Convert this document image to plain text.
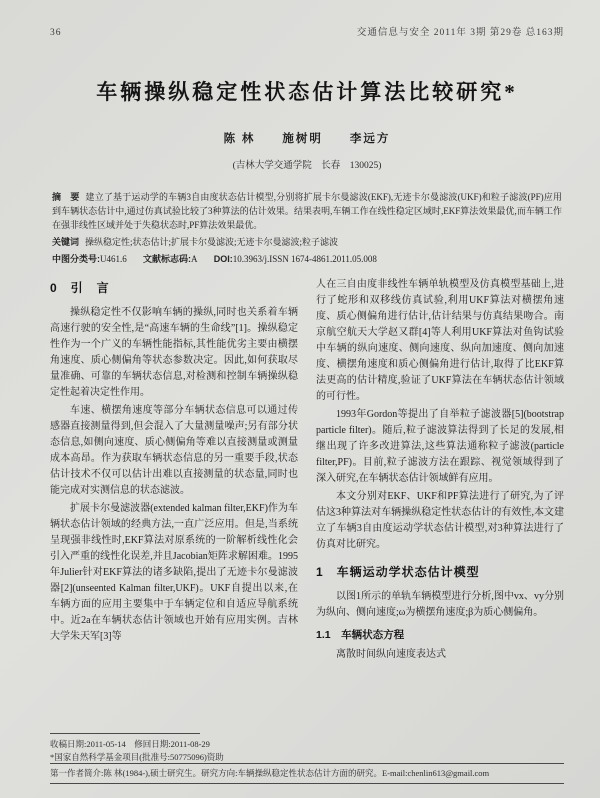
36	交通信息与安全 2011年 3期 第29卷 总163期
车辆操纵稳定性状态估计算法比较研究*
陈 林　　施树明　　李远方
(吉林大学交通学院　长春　130025)
摘　要 建立了基于运动学的车辆3自由度状态估计模型,分别将扩展卡尔曼滤波(EKF),无迹卡尔曼滤波(UKF)和粒子滤波(PF)应用到车辆状态估计中,通过仿真试验比较了3种算法的估计效果。结果表明,车辆工作在线性稳定区域时,EKF算法效果最优,而车辆工作在强非线性区域并处于失稳状态时,PF算法效果最优。
关键词 操纵稳定性;状态估计;扩展卡尔曼滤波;无迹卡尔曼滤波;粒子滤波
中图分类号:U461.6 文献标志码:A DOI:10.3963/j.ISSN 1674-4861.2011.05.008
0　引　言

操纵稳定性不仅影响车辆的操纵,同时也关系着车辆高速行驶的安全性,是“高速车辆的生命线”[1]。操纵稳定性作为一个广义的车辆性能指标,其性能优劣主要由横摆角速度、质心侧偏角等状态参数决定。因此,如何获取尽量准确、可靠的车辆状态信息,对检测和控制车辆操纵稳定性起着决定性作用。

车速、横摆角速度等部分车辆状态信息可以通过传感器直接测量得到,但会混入了大量测量噪声;另有部分状态信息,如侧向速度、质心侧偏角等难以直接测量或测量成本高昂。作为获取车辆状态信息的另一重要手段,状态估计技术不仅可以估计出难以直接测量的状态量,同时也能完成对实测信息的状态滤波。

扩展卡尔曼滤波器(extended kalman filter,EKF)作为车辆状态估计领域的经典方法,一直广泛应用。但是,当系统呈现强非线性时,EKF算法对原系统的一阶解析线性化会引入严重的线性化误差,并且Jacobian矩阵求解困难。1995年Julier针对EKF算法的诸多缺陷,提出了无迹卡尔曼滤波器[2](unseented Kalman filter,UKF)。UKF自提出以来,在车辆方面的应用主要集中于车辆定位和自适应导航系统中。近2a在车辆状态估计领域也开始有应用实例。吉林大学朱天军[3]等

人在三自由度非线性车辆单轨模型及仿真模型基础上,进行了蛇形和双移线仿真试验,利用UKF算法对横摆角速度、质心侧偏角进行估计,估计结果与仿真结果吻合。南京航空航天大学赵又群[4]等人利用UKF算法对鱼钩试验中车辆的纵向速度、侧向速度、纵向加速度、侧向加速度、横摆角速度和质心侧偏角进行估计,取得了比EKF算法更高的估计精度,验证了UKF算法在车辆状态估计领域的可行性。

1993年Gordon等提出了自举粒子滤波器[5](bootstrap particle filter)。随后,粒子滤波算法得到了长足的发展,相继出现了许多改进算法,这些算法通称粒子滤波(particle filter,PF)。目前,粒子滤波方法在跟踪、视觉领域得到了深入研究,在车辆状态估计领域鲜有应用。

本文分别对EKF、UKF和PF算法进行了研究,为了评估这3种算法对车辆操纵稳定性状态估计的有效性,本文建立了车辆3自由度运动学状态估计模型,对3种算法进行了仿真对比研究。

1　车辆运动学状态估计模型

以图1所示的单轨车辆模型进行分析,图中vx、vy分别为纵向、侧向速度;ω为横摆角速度;β为质心侧偏角。

1.1　车辆状态方程

离散时间纵向速度表达式

收稿日期:2011-05-14　修回日期:2011-08-29

*国家自然科学基金项目(批准号:50775096)资助

第一作者简介:陈 林(1984-),硕士研究生。研究方向:车辆操纵稳定性状态估计方面的研究。E-mail:chenlin613@gmail.com
